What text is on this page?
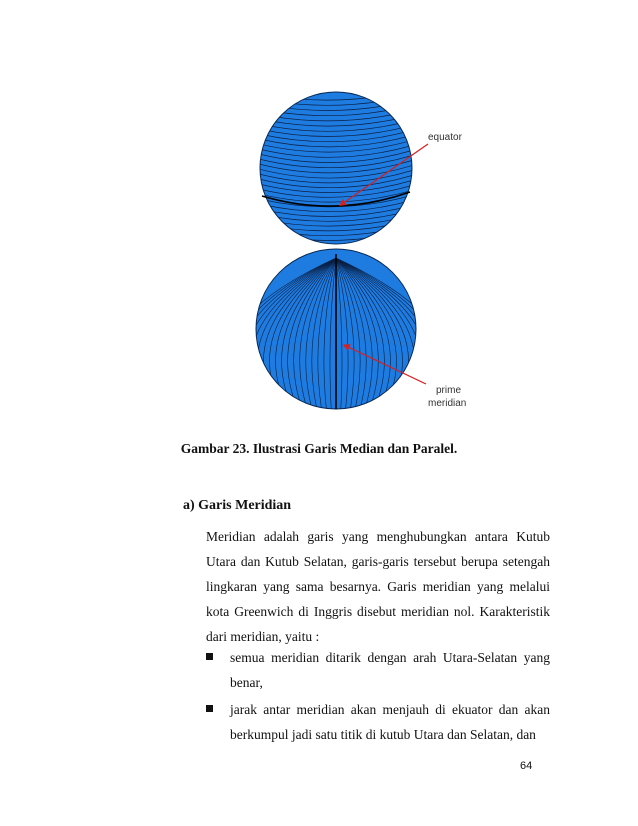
equator
prime
meridian
Gambar 23. Ilustrasi Garis Median dan Paralel.
a) Garis Meridian
Meridian adalah garis yang menghubungkan antara Kutub Utara dan Kutub Selatan, garis-garis tersebut berupa setengah lingkaran yang sama besarnya. Garis meridian yang melalui kota Greenwich di Inggris disebut meridian nol. Karakteristik dari meridian, yaitu :
semua meridian ditarik dengan arah Utara-Selatan yang benar,
jarak antar meridian akan menjauh di ekuator dan akan berkumpul jadi satu titik di kutub Utara dan Selatan, dan
64
